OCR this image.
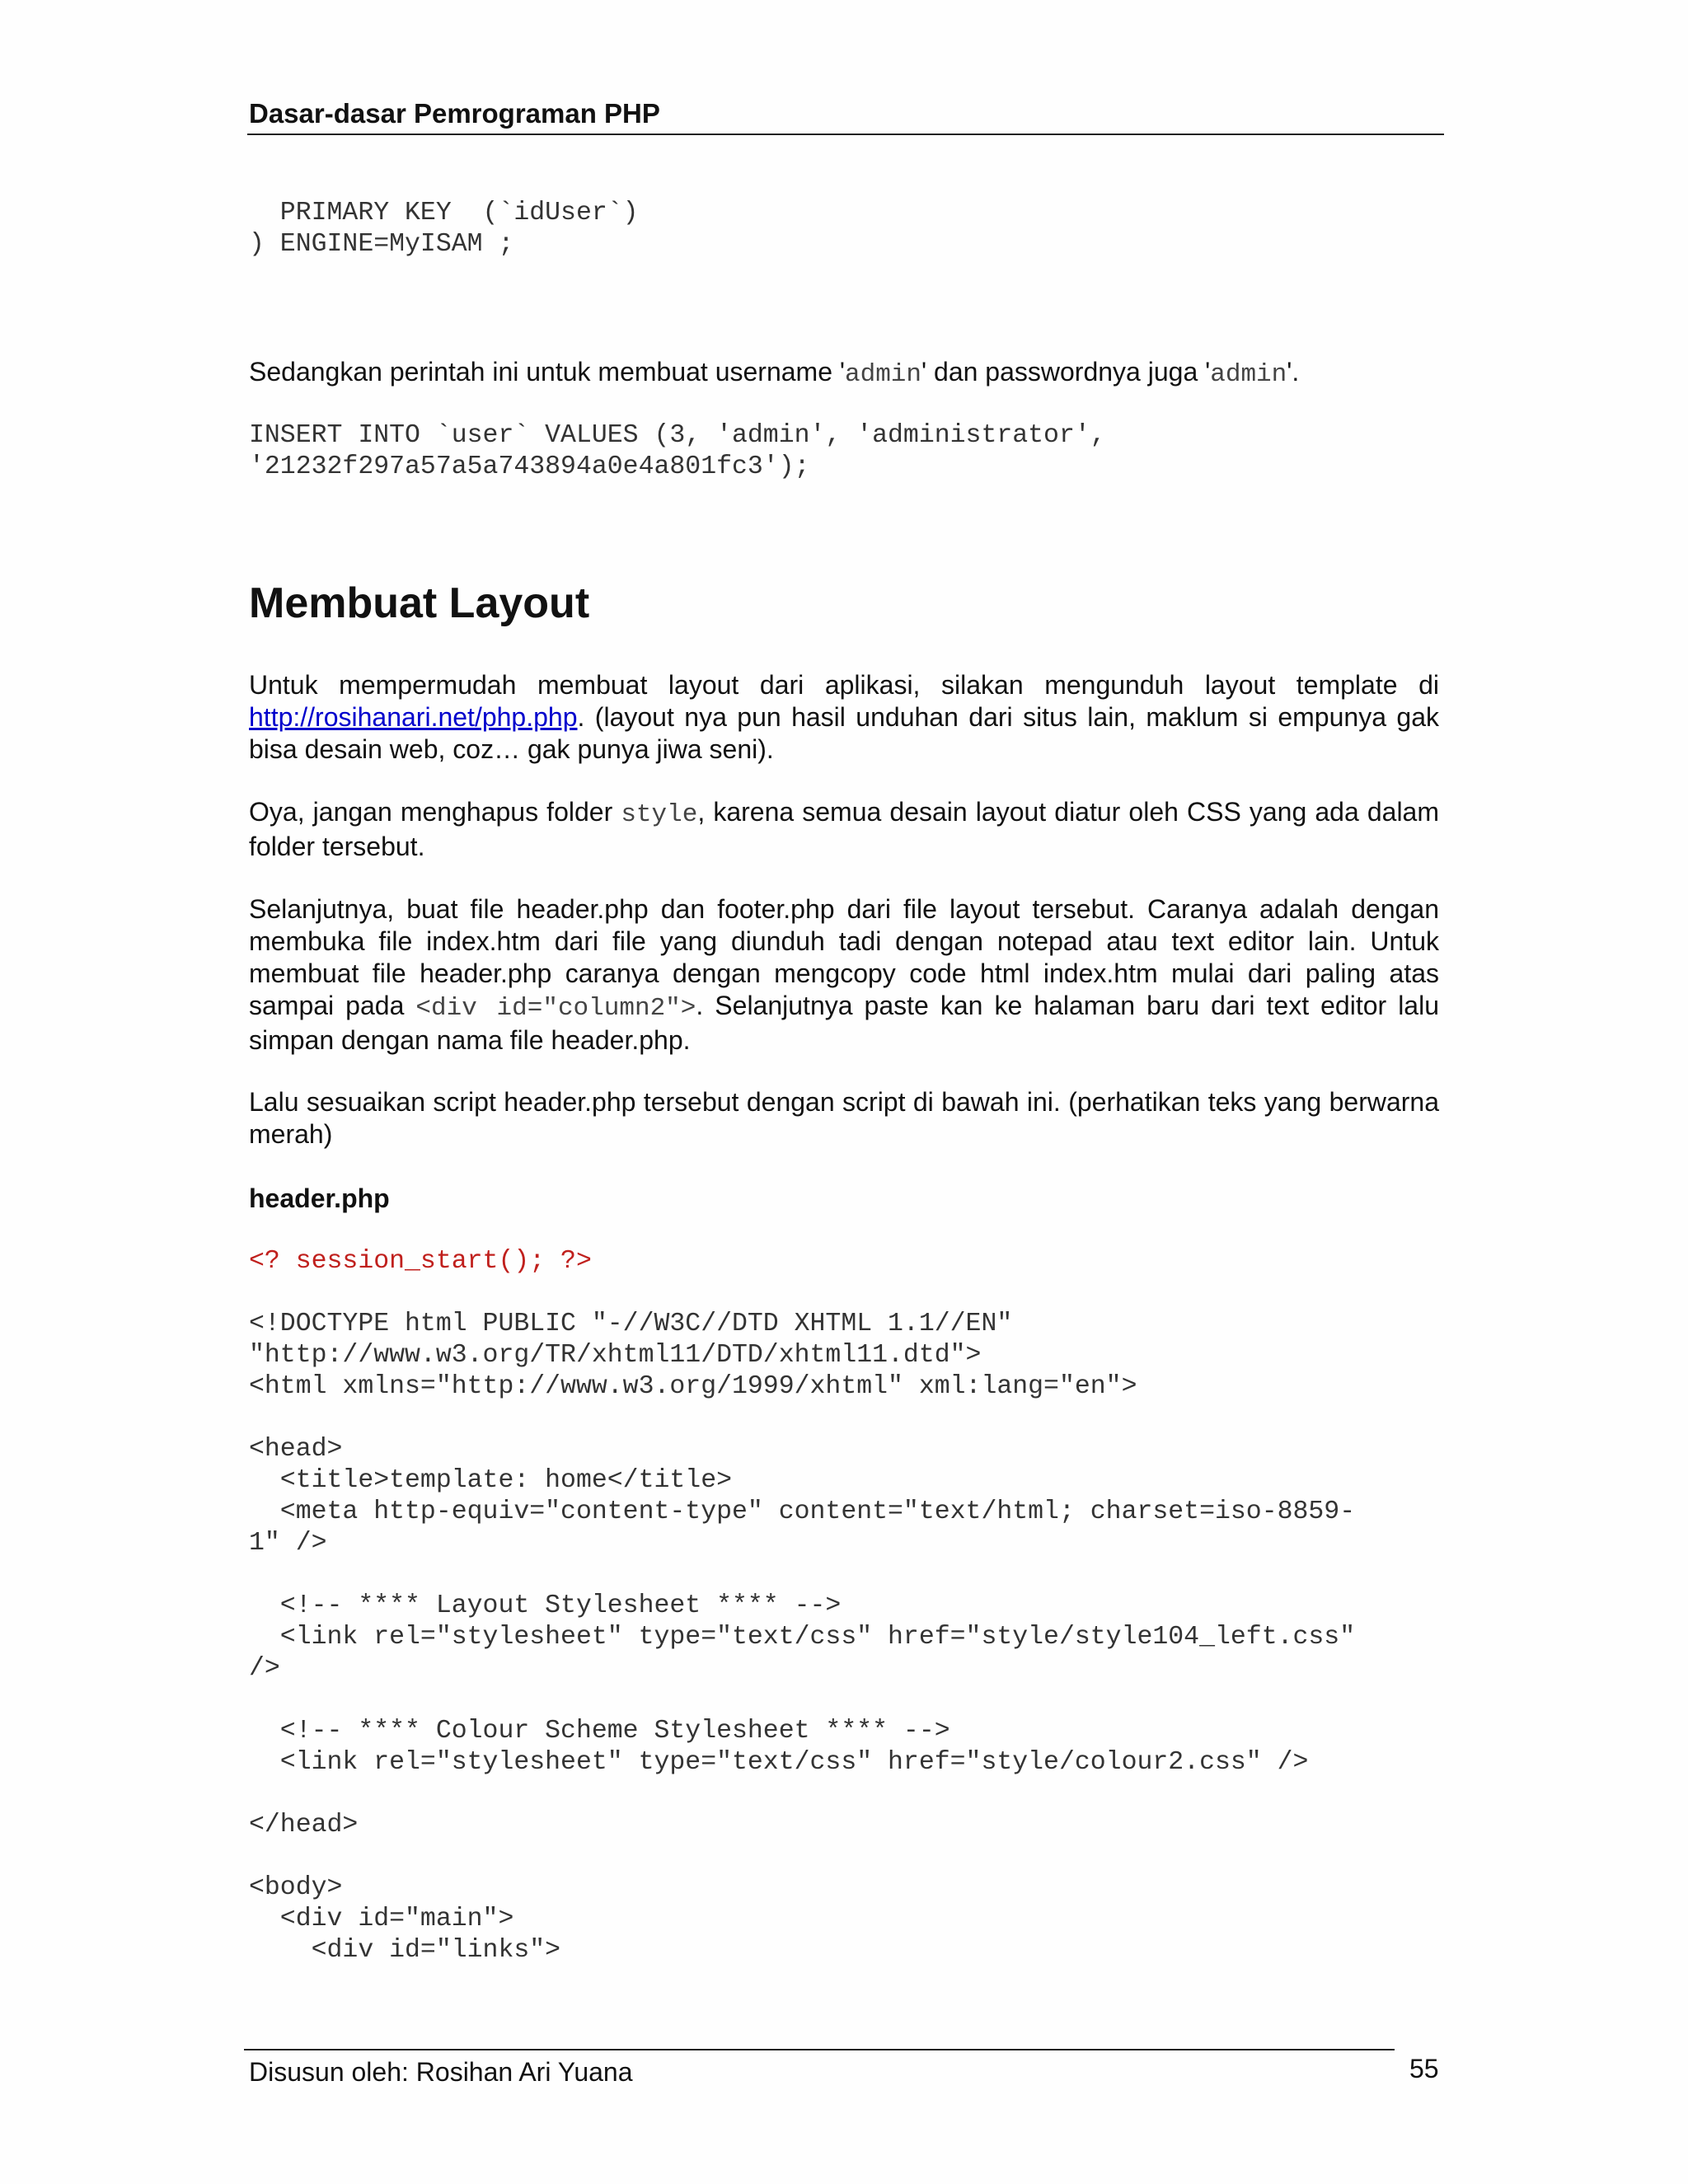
Dasar-dasar Pemrograman PHP
PRIMARY KEY  (`idUser`)
) ENGINE=MyISAM ;

Sedangkan perintah ini untuk membuat username 'admin' dan passwordnya juga 'admin'.

INSERT INTO `user` VALUES (3, 'admin', 'administrator',
'21232f297a57a5a743894a0e4a801fc3');
Membuat Layout

Untuk mempermudah membuat layout dari aplikasi, silakan mengunduh layout template di http://rosihanari.net/php.php. (layout nya pun hasil unduhan dari situs lain, maklum si empunya gak bisa desain web, coz… gak punya jiwa seni).

Oya, jangan menghapus folder style, karena semua desain layout diatur oleh CSS yang ada dalam folder tersebut.

Selanjutnya, buat file header.php dan footer.php dari file layout tersebut. Caranya adalah dengan membuka file index.htm dari file yang diunduh tadi dengan notepad atau text editor lain. Untuk membuat file header.php caranya dengan mengcopy code html index.htm mulai dari paling atas sampai pada <div id="column2">. Selanjutnya paste kan ke halaman baru dari text editor lalu simpan dengan nama file header.php.

Lalu sesuaikan script header.php tersebut dengan script di bawah ini. (perhatikan teks yang berwarna merah)

header.php
<? session_start(); ?>
<!DOCTYPE html PUBLIC "-//W3C//DTD XHTML 1.1//EN"
"http://www.w3.org/TR/xhtml11/DTD/xhtml11.dtd">
<html xmlns="http://www.w3.org/1999/xhtml" xml:lang="en">

<head>
<title>template: home</title>
<meta http-equiv="content-type" content="text/html; charset=iso-8859-
1" />

<!-- **** Layout Stylesheet **** -->
<link rel="stylesheet" type="text/css" href="style/style104_left.css"
/>

<!-- **** Colour Scheme Stylesheet **** -->
<link rel="stylesheet" type="text/css" href="style/colour2.css" />

</head>

<body>
<div id="main">
<div id="links">
Disusun oleh: Rosihan Ari Yuana	55
